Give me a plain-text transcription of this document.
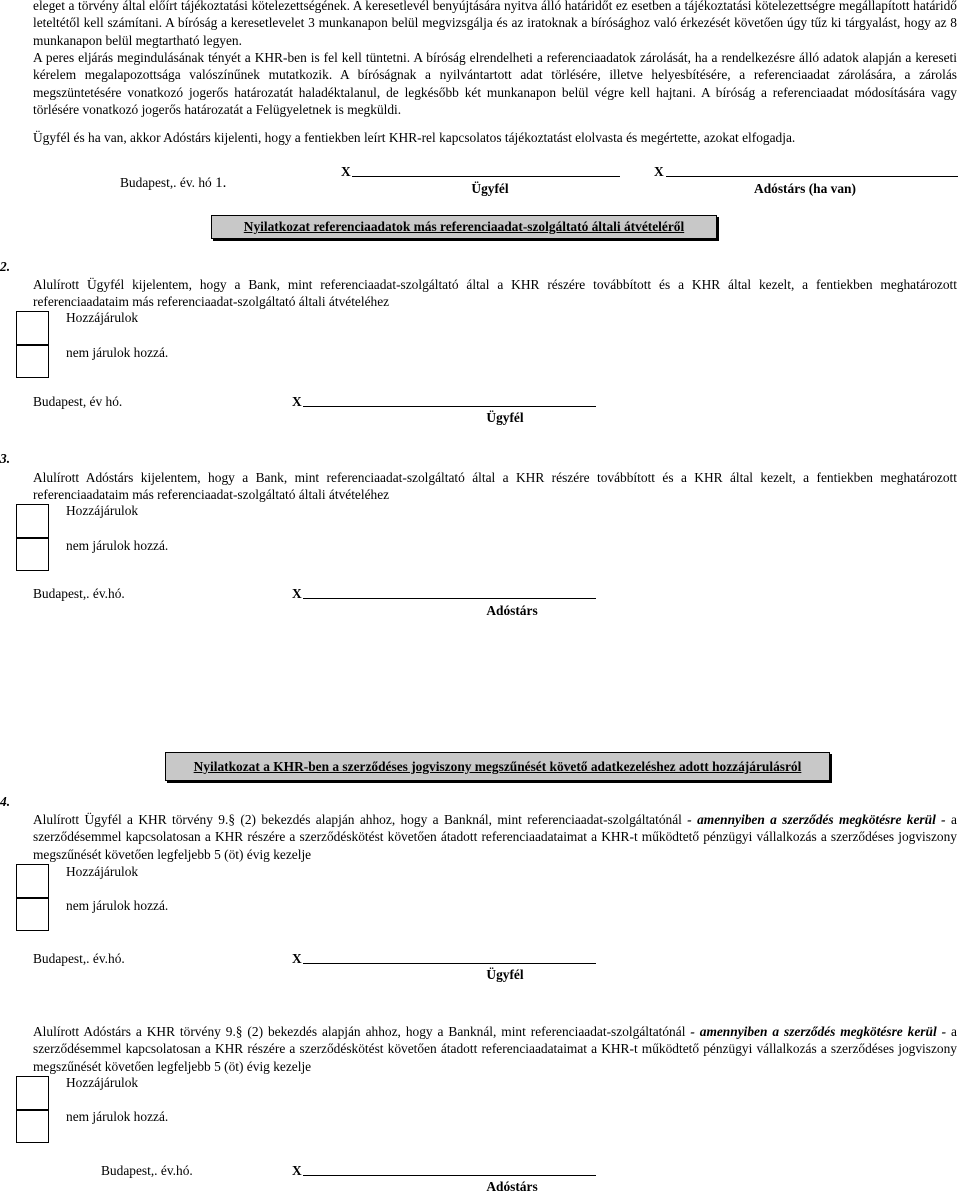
eleget a törvény által előírt tájékoztatási kötelezettségének. A keresetlevél benyújtására nyitva álló határidőt ez esetben a tájékoztatási kötelezettségre megállapított határidő leteltétől kell számítani. A bíróság a keresetlevelet 3 munkanapon belül megvizsgálja és az iratoknak a bírósághoz való érkezését követően úgy tűz ki tárgyalást, hogy az 8 munkanapon belül megtartható legyen.
A peres eljárás megindulásának tényét a KHR-ben is fel kell tüntetni. A bíróság elrendelheti a referenciaadatok zárolását, ha a rendelkezésre álló adatok alapján a kereseti kérelem megalapozottsága valószínűnek mutatkozik. A bíróságnak a nyilvántartott adat törlésére, illetve helyesbítésére, a referenciaadat zárolására, a zárolás megszüntetésére vonatkozó jogerős határozatát haladéktalanul, de legkésőbb két munkanapon belül végre kell hajtani. A bíróság a referenciaadat módosítására vagy törlésére vonatkozó jogerős határozatát a Felügyeletnek is megküldi.
Ügyfél és ha van, akkor Adóstárs kijelenti, hogy a fentiekben leírt KHR-rel kapcsolatos tájékoztatást elolvasta és megértette, azokat elfogadja.
Budapest,. év. hó 1.
X
Ügyfél
X
Adóstárs (ha van)
Nyilatkozat referenciaadatok más referenciaadat-szolgáltató általi átvételéről
2.
Alulírott Ügyfél kijelentem, hogy a Bank, mint referenciaadat-szolgáltató által a KHR részére továbbított és a KHR által kezelt, a fentiekben meghatározott referenciaadataim más referenciaadat-szolgáltató általi átvételéhez
Hozzájárulok
nem járulok hozzá.
Budapest, év hó.	X
Ügyfél
3.
Alulírott Adóstárs kijelentem, hogy a Bank, mint referenciaadat-szolgáltató által a KHR részére továbbított és a KHR által kezelt, a fentiekben meghatározott referenciaadataim más referenciaadat-szolgáltató általi átvételéhez
Hozzájárulok
nem járulok hozzá.
Budapest,. év.hó.	X
Adóstárs
Nyilatkozat a KHR-ben a szerződéses jogviszony megszűnését követő adatkezeléshez adott hozzájárulásról
4.
Alulírott Ügyfél a KHR törvény 9.§ (2) bekezdés alapján ahhoz, hogy a Banknál, mint referenciaadat-szolgáltatónál - amennyiben a szerződés megkötésre kerül - a szerződésemmel kapcsolatosan a KHR részére a szerződéskötést követően átadott referenciaadataimat a KHR-t működtető pénzügyi vállalkozás a szerződéses jogviszony megszűnését követően legfeljebb 5 (öt) évig kezelje
Hozzájárulok
nem járulok hozzá.
Budapest,. év.hó.	X
Ügyfél
Alulírott Adóstárs a KHR törvény 9.§ (2) bekezdés alapján ahhoz, hogy a Banknál, mint referenciaadat-szolgáltatónál - amennyiben a szerződés megkötésre kerül - a szerződésemmel kapcsolatosan a KHR részére a szerződéskötést követően átadott referenciaadataimat a KHR-t működtető pénzügyi vállalkozás a szerződéses jogviszony megszűnését követően legfeljebb 5 (öt) évig kezelje
Hozzájárulok
nem járulok hozzá.
Budapest,. év.hó.	X
Adóstárs
